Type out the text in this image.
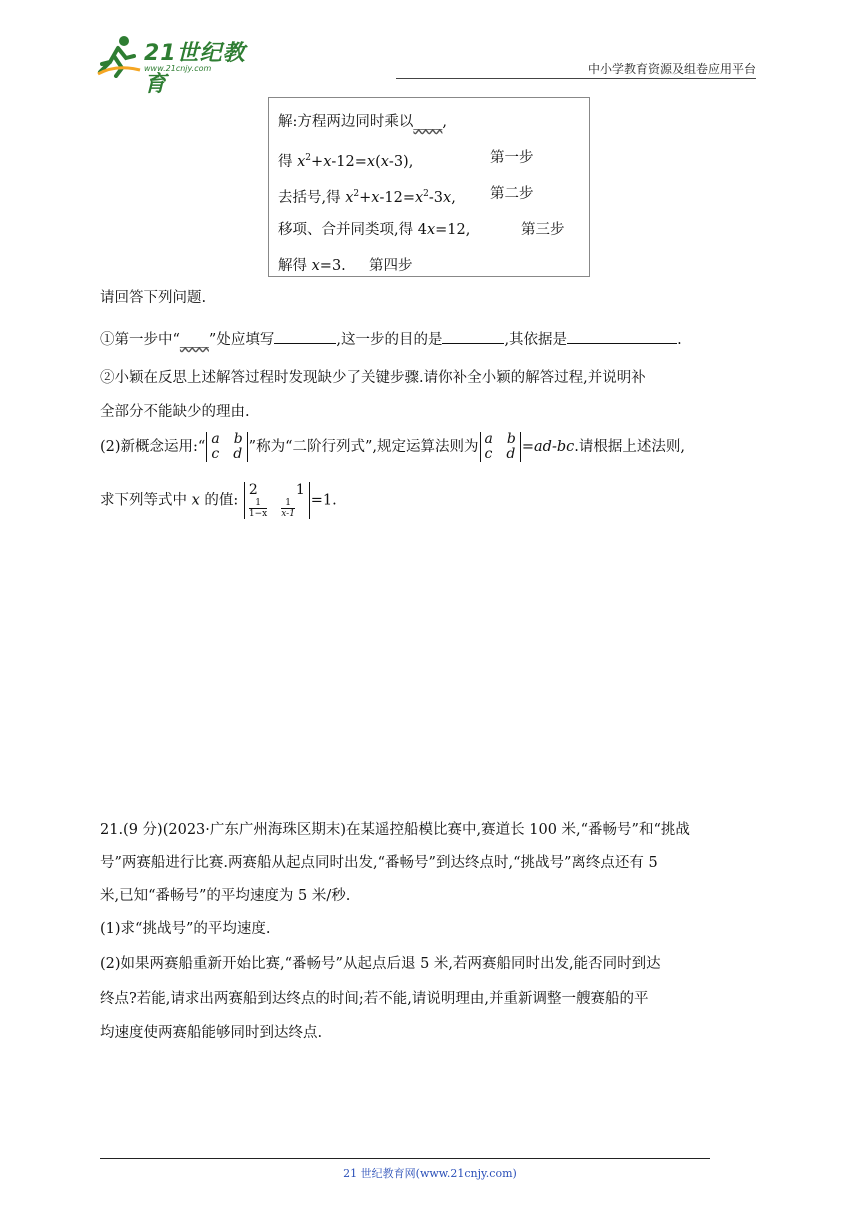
21世纪教育
www.21cnjy.com	中小学教育资源及组卷应用平台
解:方程两边同时乘以____,
得 $x^2+x-12=x(x-3)$,	第一步
去括号,得 $x^2+x-12=x^2-3x$, 第二步
移项、合并同类项,得 4x=12,	第三步
解得 x=3. 第四步
请回答下列问题.
①第一步中“____”处应填写	,这一步的目的是	,其依据是	.
②小颖在反思上述解答过程时发现缺少了关键步骤.请你补全小颖的解答过程,并说明补
全部分不能缺少的理由.
(2)新概念运用:“ a b
c d ”称为“二阶行列式”,规定运算法则为 a b
c d =ad-bc.请根据上述法则,
求下列等式中 x 的值:
2	1
$\frac{1}{1-x} \frac{1}{x-1} =1$.
21.(9 分)(2023·广东广州海珠区期末)在某遥控船模比赛中,赛道长 100 米,“番畅号”和“挑战
号”两赛船进行比赛.两赛船从起点同时出发,“番畅号”到达终点时,“挑战号”离终点还有 5
米,已知“番畅号”的平均速度为 5 米/秒.
(1)求“挑战号”的平均速度.
(2)如果两赛船重新开始比赛,“番畅号”从起点后退 5 米,若两赛船同时出发,能否同时到达
终点?若能,请求出两赛船到达终点的时间;若不能,请说明理由,并重新调整一艘赛船的平
均速度使两赛船能够同时到达终点.
21 世纪教育网(www.21cnjy.com)
